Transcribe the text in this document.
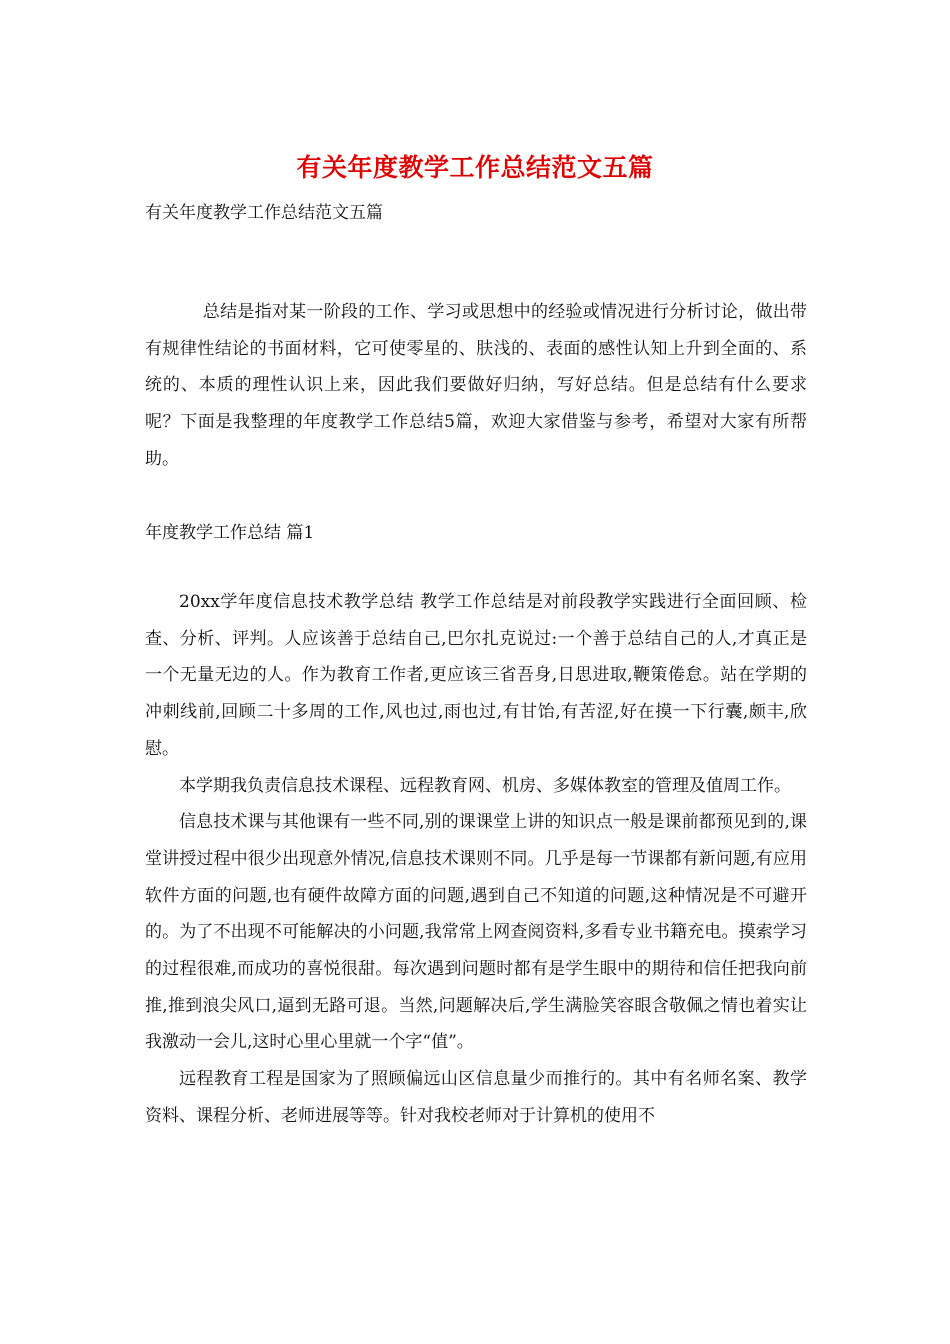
有关年度教学工作总结范文五篇
有关年度教学工作总结范文五篇

总结是指对某一阶段的工作、学习或思想中的经验或情况进行分析讨论，做出带有规律性结论的书面材料，它可使零星的、肤浅的、表面的感性认知上升到全面的、系统的、本质的理性认识上来，因此我们要做好归纳，写好总结。但是总结有什么要求呢？下面是我整理的年度教学工作总结5篇，欢迎大家借鉴与参考，希望对大家有所帮助。

年度教学工作总结 篇1

20xx学年度信息技术教学总结 教学工作总结是对前段教学实践进行全面回顾、检查、分析、评判。人应该善于总结自己,巴尔扎克说过:一个善于总结自己的人,才真正是一个无量无边的人。作为教育工作者,更应该三省吾身,日思进取,鞭策倦怠。站在学期的冲刺线前,回顾二十多周的工作,风也过,雨也过,有甘饴,有苦涩,好在摸一下行囊,颇丰,欣慰。

本学期我负责信息技术课程、远程教育网、机房、多媒体教室的管理及值周工作。

信息技术课与其他课有一些不同,别的课课堂上讲的知识点一般是课前都预见到的,课堂讲授过程中很少出现意外情况,信息技术课则不同。几乎是每一节课都有新问题,有应用软件方面的问题,也有硬件故障方面的问题,遇到自己不知道的问题,这种情况是不可避开的。为了不出现不可能解决的小问题,我常常上网查阅资料,多看专业书籍充电。摸索学习的过程很难,而成功的喜悦很甜。每次遇到问题时都有是学生眼中的期待和信任把我向前推,推到浪尖风口,逼到无路可退。当然,问题解决后,学生满脸笑容眼含敬佩之情也着实让我激动一会儿,这时心里心里就一个字“值”。

远程教育工程是国家为了照顾偏远山区信息量少而推行的。其中有名师名案、教学资料、课程分析、老师进展等等。针对我校老师对于计算机的使用不
